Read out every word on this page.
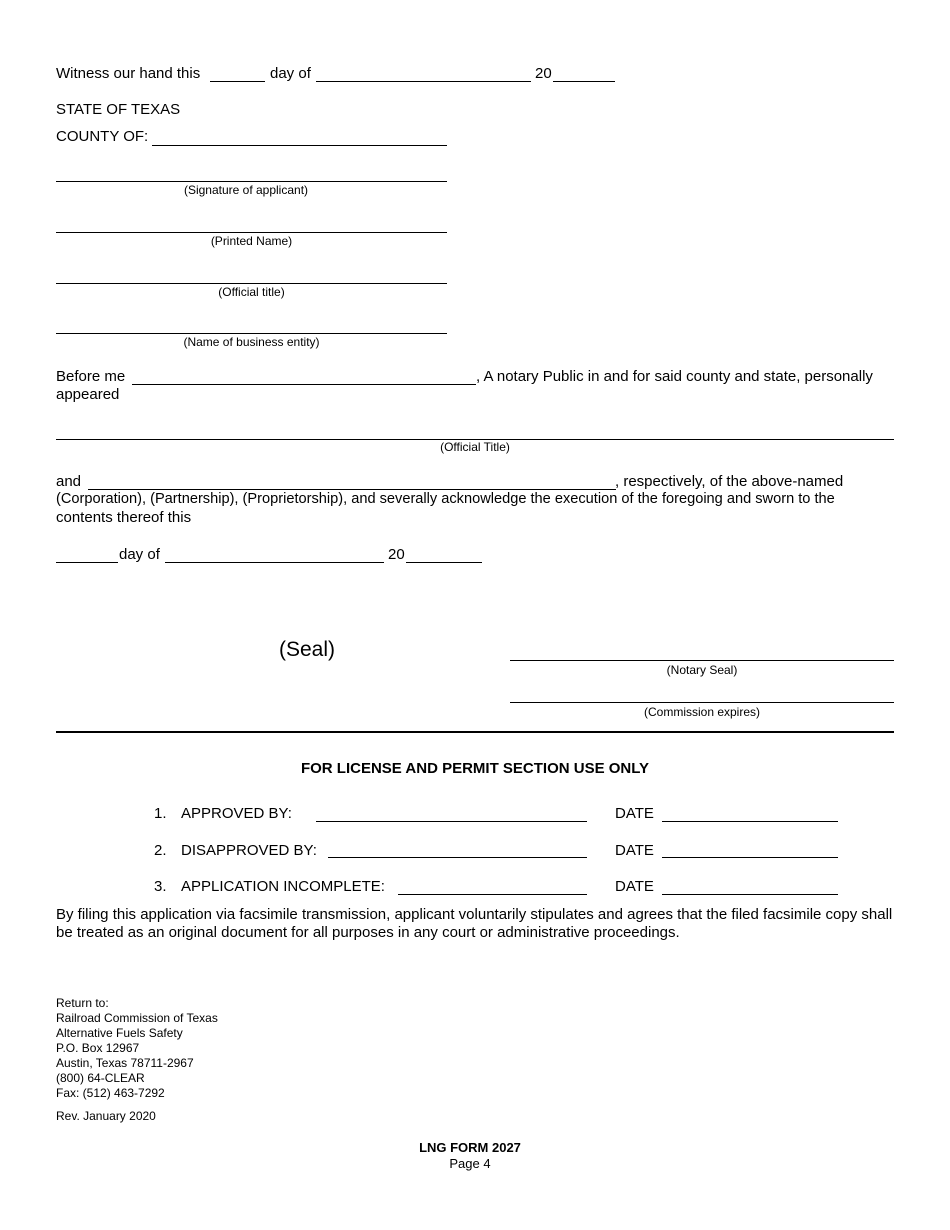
Witness our hand this	day of	20
STATE OF TEXAS
COUNTY OF:
(Signature of applicant)
(Printed Name)
(Official title)
(Name of business entity)
Before me	, A notary Public in and for said county and state, personally
appeared
(Official Title)
and	, respectively, of the above-named
(Corporation), (Partnership), (Proprietorship), and severally acknowledge the execution of the foregoing and sworn to the
contents thereof this
day of	20
(Seal)
(Notary Seal)
(Commission expires)
FOR LICENSE AND PERMIT SECTION USE ONLY
1. APPROVED BY:	DATE
2. DISAPPROVED BY:	DATE
3. APPLICATION INCOMPLETE:	DATE
By filing this application via facsimile transmission, applicant voluntarily stipulates and agrees that the filed facsimile copy shall be treated as an original document for all purposes in any court or administrative proceedings.
Return to:
Railroad Commission of Texas
Alternative Fuels Safety
P.O. Box 12967
Austin, Texas 78711-2967
(800) 64-CLEAR
Fax: (512) 463-7292
Rev. January 2020
LNG FORM 2027
Page 4
